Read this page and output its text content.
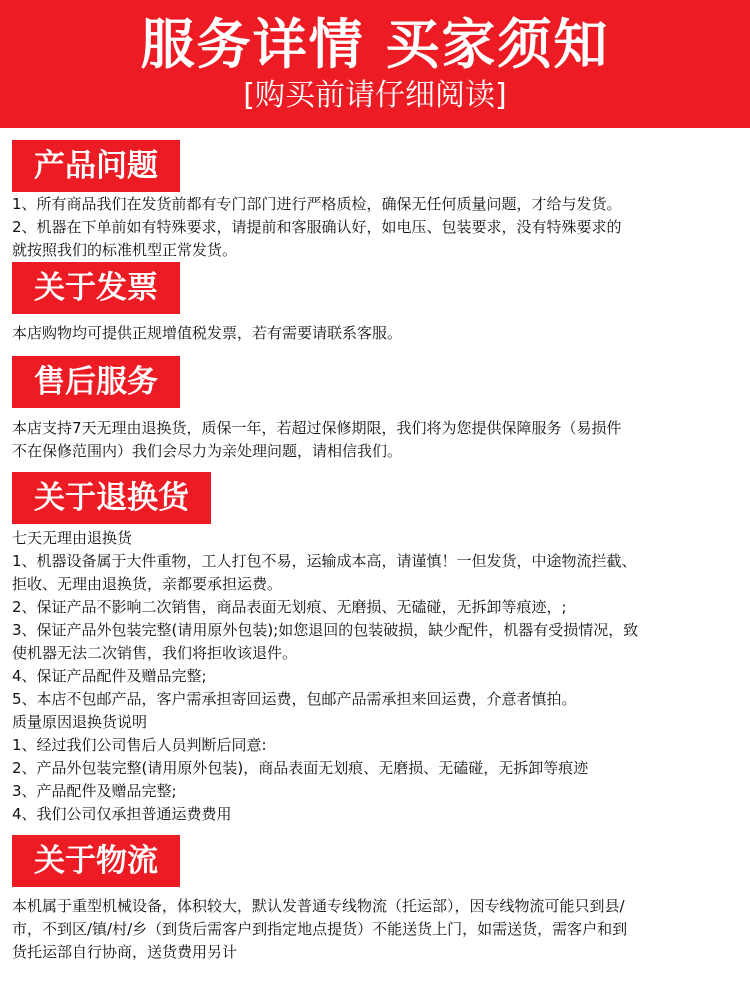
服务详情 买家须知
[购买前请仔细阅读]
产品问题
1、所有商品我们在发货前都有专门部门进行严格质检，确保无任何质量问题，才给与发货。
2、机器在下单前如有特殊要求，请提前和客服确认好，如电压、包装要求，没有特殊要求的
就按照我们的标准机型正常发货。
关于发票
本店购物均可提供正规增值税发票，若有需要请联系客服。
售后服务
本店支持7天无理由退换货，质保一年，若超过保修期限，我们将为您提供保障服务（易损件
不在保修范围内）我们会尽力为亲处理问题，请相信我们。
关于退换货
七天无理由退换货
1、机器设备属于大件重物，工人打包不易，运输成本高，请谨慎！一但发货，中途物流拦截、
拒收、无理由退换货，亲都要承担运费。
2、保证产品不影响二次销售，商品表面无划痕、无磨损、无磕碰，无拆卸等痕迹，;
3、保证产品外包装完整(请用原外包装);如您退回的包装破损，缺少配件，机器有受损情况，致
使机器无法二次销售，我们将拒收该退件。
4、保证产品配件及赠品完整;
5、本店不包邮产品，客户需承担寄回运费，包邮产品需承担来回运费，介意者慎拍。
质量原因退换货说明
1、经过我们公司售后人员判断后同意:
2、产品外包装完整(请用原外包装)，商品表面无划痕、无磨损、无磕碰，无拆卸等痕迹
3、产品配件及赠品完整;
4、我们公司仅承担普通运费费用
关于物流
本机属于重型机械设备，体积较大，默认发普通专线物流（托运部），因专线物流可能只到县/
市，不到区/镇/村/乡（到货后需客户到指定地点提货）不能送货上门，如需送货，需客户和到
货托运部自行协商，送货费用另计
